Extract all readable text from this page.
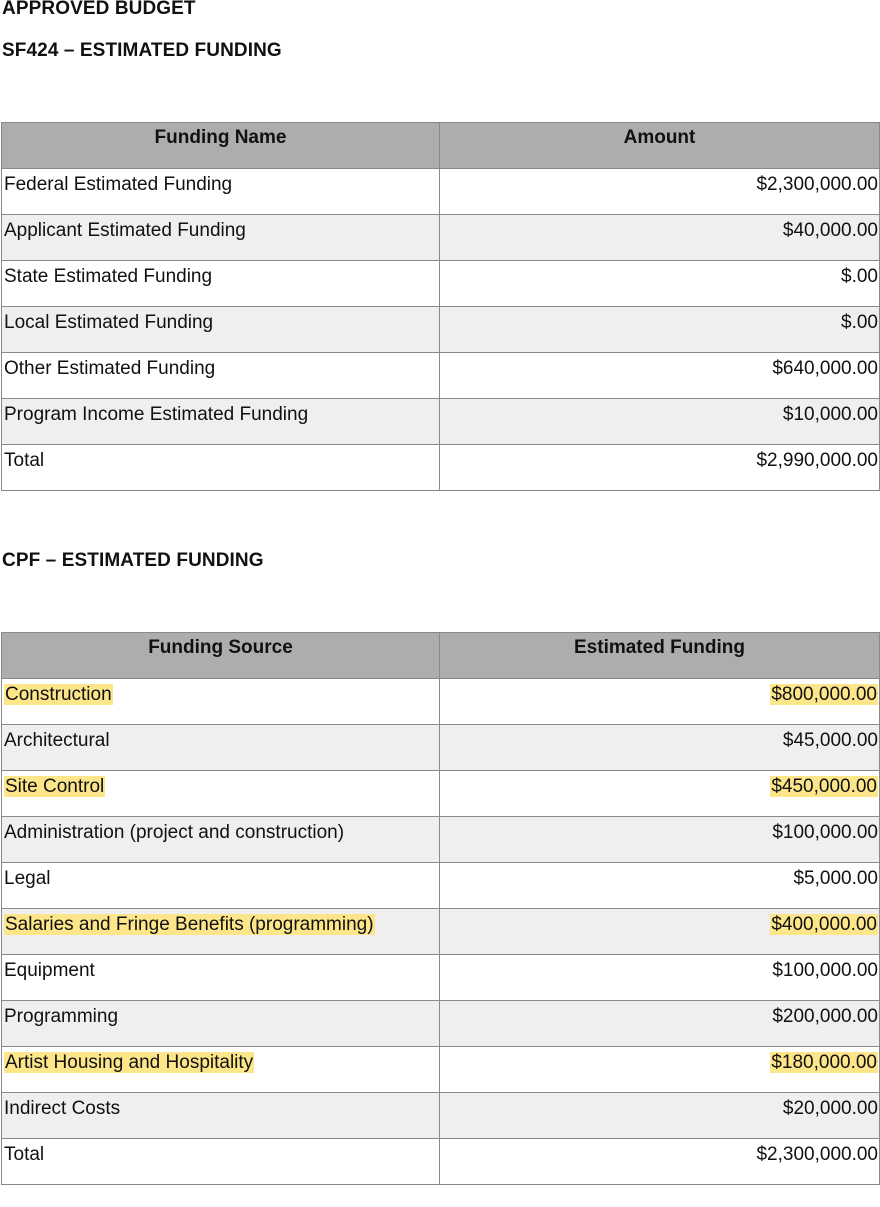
APPROVED BUDGET
SF424 – ESTIMATED FUNDING
Funding Name	Amount
Federal Estimated Funding	$2,300,000.00
Applicant Estimated Funding	$40,000.00
State Estimated Funding	$.00
Local Estimated Funding	$.00
Other Estimated Funding	$640,000.00
Program Income Estimated Funding	$10,000.00
Total	$2,990,000.00
CPF – ESTIMATED FUNDING
Funding Source	Estimated Funding
Construction	$800,000.00
Architectural	$45,000.00
Site Control	$450,000.00
Administration (project and construction)	$100,000.00
Legal	$5,000.00
Salaries and Fringe Benefits (programming)	$400,000.00
Equipment	$100,000.00
Programming	$200,000.00
Artist Housing and Hospitality	$180,000.00
Indirect Costs	$20,000.00
Total	$2,300,000.00
